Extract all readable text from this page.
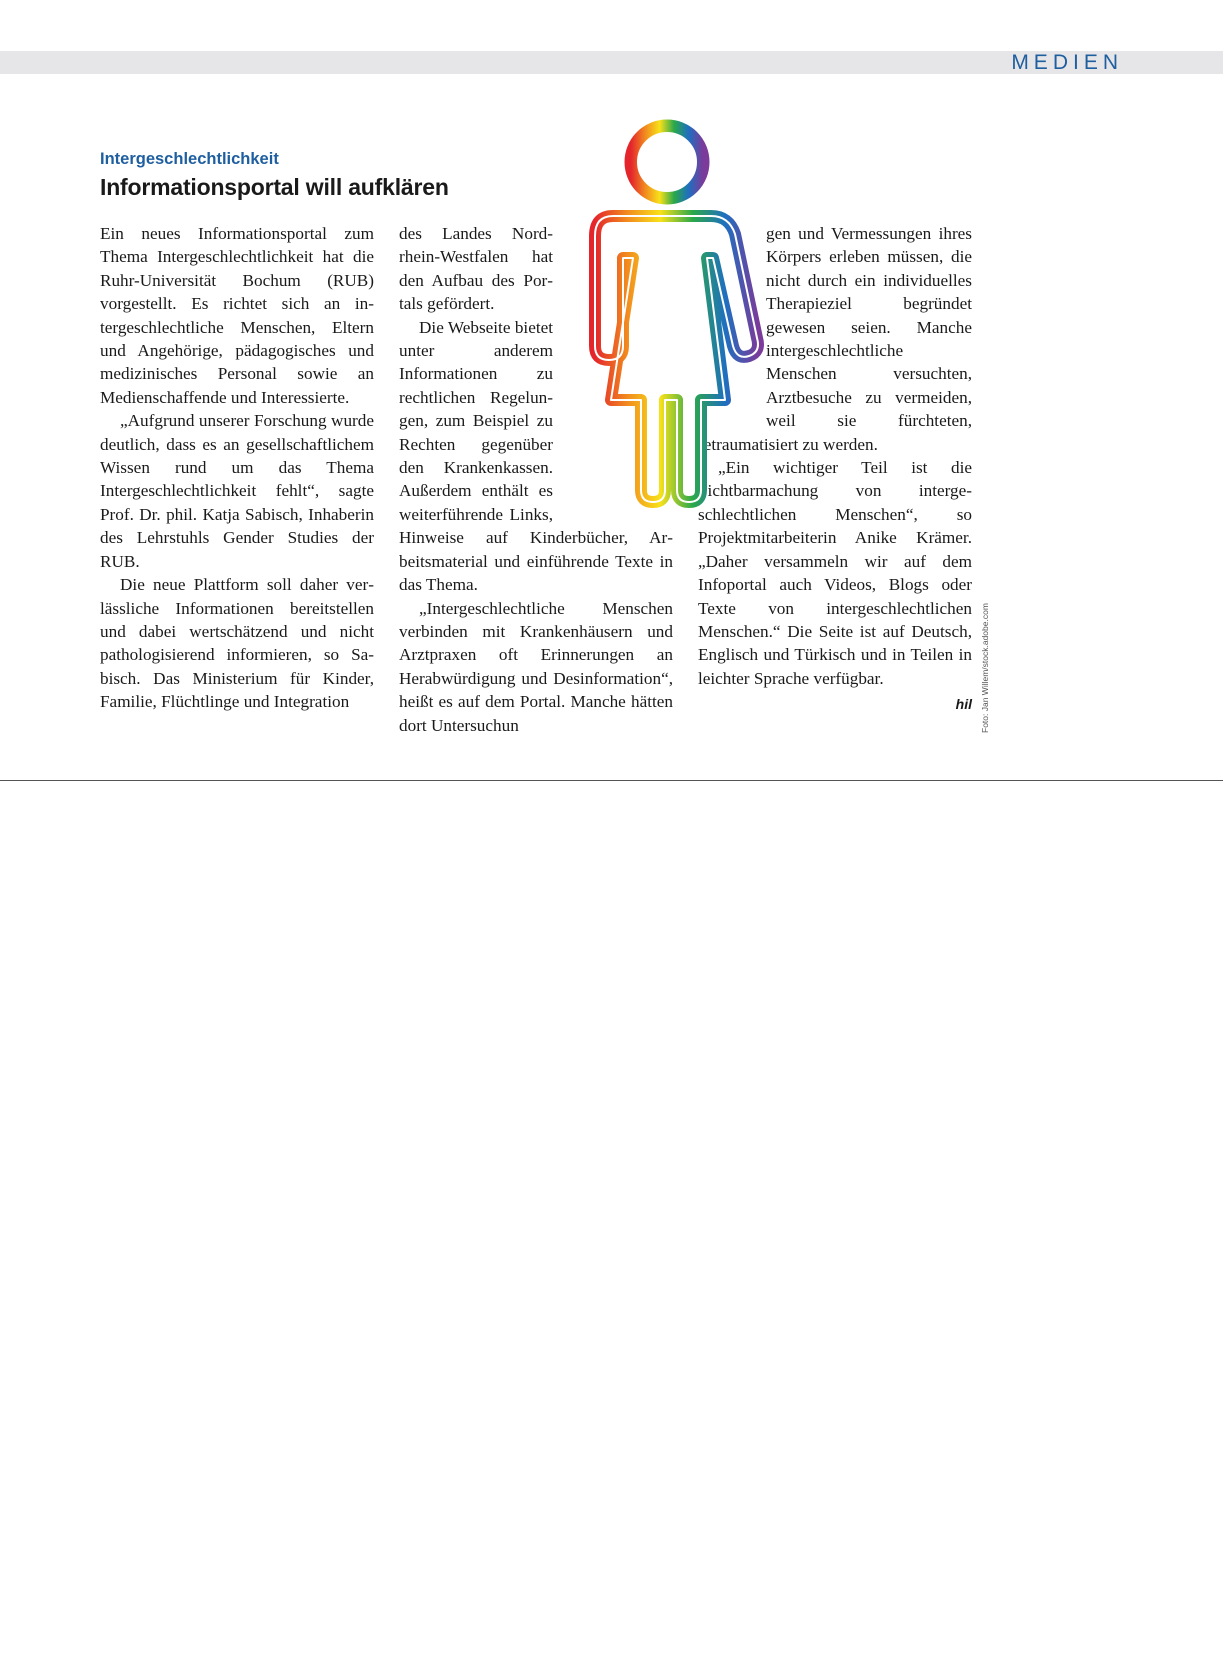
MEDIEN
Intergeschlechtlichkeit
Informationsportal will aufklären

Ein neues Informationsportal zum Thema Intergeschlechtlichkeit hat die Ruhr-Universität Bochum (RUB) vorgestellt. Es richtet sich an intergeschlechtliche Menschen, Eltern und Angehörige, pädagogisches und medizinisches Personal sowie an Medienschaffende und Interessierte.

„Aufgrund unserer Forschung wurde deutlich, dass es an gesellschaftlichem Wissen rund um das Thema Intergeschlechtlichkeit fehlt“, sagte Prof. Dr. phil. Katja Sabisch, Inhaberin des Lehrstuhls Gender Studies der RUB.

Die neue Plattform soll daher verlässliche Informationen bereitstellen und dabei wertschätzend und nicht pathologisierend informieren, so Sabisch. Das Ministerium für Kinder, Familie, Flüchtlinge und Integration

des Landes Nordrhein-Westfalen hat den Aufbau des Portals gefördert.

Die Webseite bietet unter anderem Informationen zu rechtlichen Regelungen, zum Beispiel zu Rechten gegenüber den Krankenkassen. Außerdem enthält es weiterführende Links, Hinweise auf Kinderbücher, Arbeitsmaterial und einführende Texte in das Thema.

„Intergeschlechtliche Menschen verbinden mit Krankenhäusern und Arztpraxen oft Erinnerungen an Herabwürdigung und Desinformation“, heißt es auf dem Portal. Manche hätten dort Untersuchun

gen und Vermessungen ihres Körpers erleben müssen, die nicht durch ein individuelles Therapieziel begründet gewesen seien. Manche intergeschlechtliche Menschen versuchten, Arztbesuche zu vermeiden, weil sie fürchteten, retraumatisiert zu werden.

„Ein wichtiger Teil ist die Sichtbarmachung von intergeschlechtlichen Menschen“, so Projektmitarbeiterin Anike Krämer. „Daher versammeln wir auf dem Infoportal auch Videos, Blogs oder Texte von intergeschlechtlichen Menschen.“ Die Seite ist auf Deutsch, Englisch und Türkisch und in Teilen in leichter Sprache verfügbar.

hil Foto: Jan Willem/stock.adobe.com
